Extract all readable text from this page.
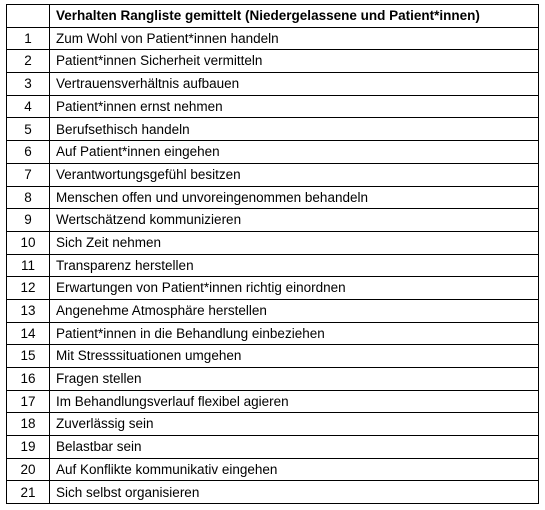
	Verhalten Rangliste gemittelt (Niedergelassene und Patient*innen)
1	Zum Wohl von Patient*innen handeln
2	Patient*innen Sicherheit vermitteln
3	Vertrauensverhältnis aufbauen
4	Patient*innen ernst nehmen
5	Berufsethisch handeln
6	Auf Patient*innen eingehen
7	Verantwortungsgefühl besitzen
8	Menschen offen und unvoreingenommen behandeln
9	Wertschätzend kommunizieren
10	Sich Zeit nehmen
11	Transparenz herstellen
12	Erwartungen von Patient*innen richtig einordnen
13	Angenehme Atmosphäre herstellen
14	Patient*innen in die Behandlung einbeziehen
15	Mit Stresssituationen umgehen
16	Fragen stellen
17	Im Behandlungsverlauf flexibel agieren
18	Zuverlässig sein
19	Belastbar sein
20	Auf Konflikte kommunikativ eingehen
21	Sich selbst organisieren
